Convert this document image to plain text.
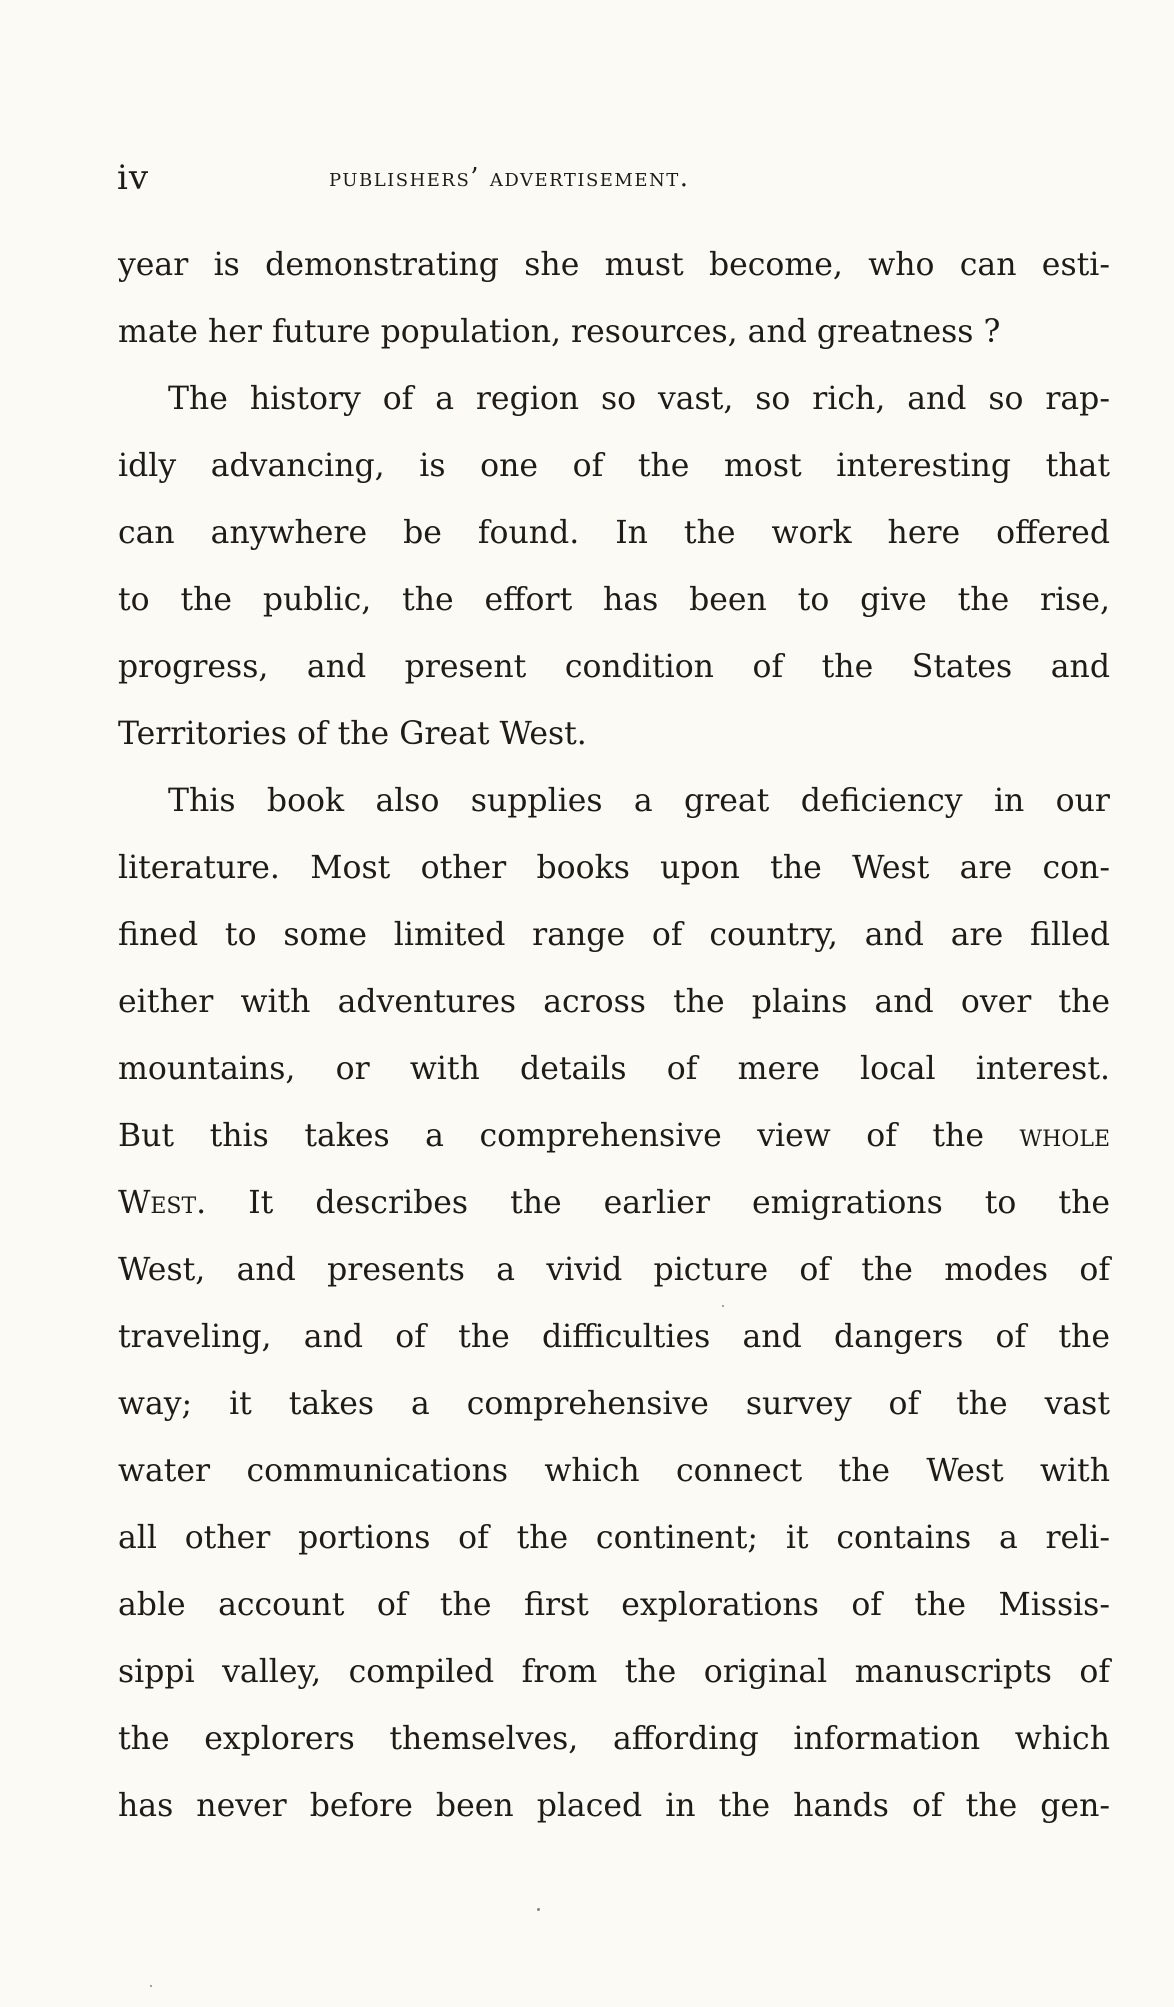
iv	publishers’ advertisement.
year is demonstrating she must become, who can esti-
mate her future population, resources, and greatness ?
The history of a region so vast, so rich, and so rap-
idly advancing, is one of the most interesting that
can anywhere be found. In the work here offered
to the public, the effort has been to give the rise,
progress, and present condition of the States and
Territories of the Great West.
This book also supplies a great deficiency in our
literature. Most other books upon the West are con-
fined to some limited range of country, and are filled
either with adventures across the plains and over the
mountains, or with details of mere local interest.
But this takes a comprehensive view of the whole
West. It describes the earlier emigrations to the
West, and presents a vivid picture of the modes of
traveling, and of the difficulties and dangers of the
way; it takes a comprehensive survey of the vast
water communications which connect the West with
all other portions of the continent; it contains a reli-
able account of the first explorations of the Missis-
sippi valley, compiled from the original manuscripts of
the explorers themselves, affording information which
has never before been placed in the hands of the gen-
